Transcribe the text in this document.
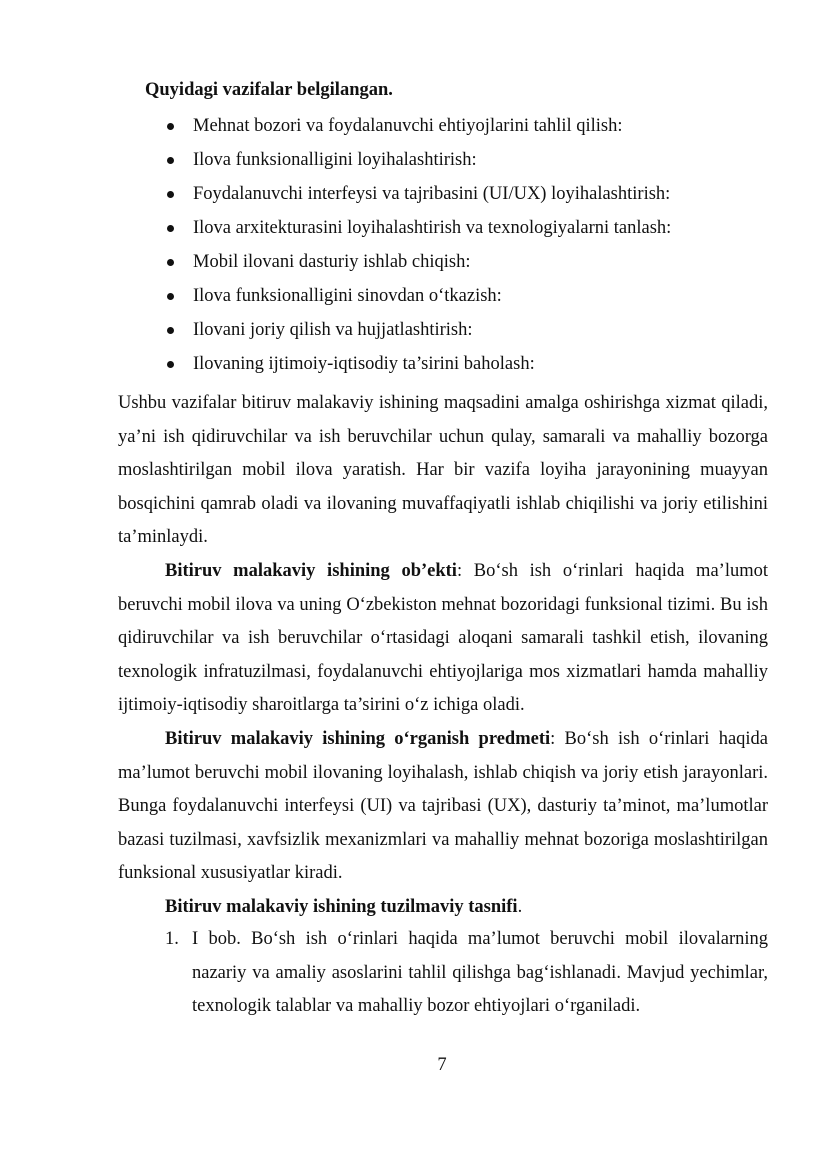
Quyidagi vazifalar belgilangan.
Mehnat bozori va foydalanuvchi ehtiyojlarini tahlil qilish:
Ilova funksionalligini loyihalashtirish:
Foydalanuvchi interfeysi va tajribasini (UI/UX) loyihalashtirish:
Ilova arxitekturasini loyihalashtirish va texnologiyalarni tanlash:
Mobil ilovani dasturiy ishlab chiqish:
Ilova funksionalligini sinovdan o‘tkazish:
Ilovani joriy qilish va hujjatlashtirish:
Ilovaning ijtimoiy-iqtisodiy ta’sirini baholash:

Ushbu vazifalar bitiruv malakaviy ishining maqsadini amalga oshirishga xizmat qiladi, ya’ni ish qidiruvchilar va ish beruvchilar uchun qulay, samarali va mahalliy bozorga moslashtirilgan mobil ilova yaratish. Har bir vazifa loyiha jarayonining muayyan bosqichini qamrab oladi va ilovaning muvaffaqiyatli ishlab chiqilishi va joriy etilishini ta’minlaydi.

Bitiruv malakaviy ishining ob’ekti: Bo‘sh ish o‘rinlari haqida ma’lumot beruvchi mobil ilova va uning O‘zbekiston mehnat bozoridagi funksional tizimi. Bu ish qidiruvchilar va ish beruvchilar o‘rtasidagi aloqani samarali tashkil etish, ilovaning texnologik infratuzilmasi, foydalanuvchi ehtiyojlariga mos xizmatlari hamda mahalliy ijtimoiy-iqtisodiy sharoitlarga ta’sirini o‘z ichiga oladi.

Bitiruv malakaviy ishining o‘rganish predmeti: Bo‘sh ish o‘rinlari haqida ma’lumot beruvchi mobil ilovaning loyihalash, ishlab chiqish va joriy etish jarayonlari. Bunga foydalanuvchi interfeysi (UI) va tajribasi (UX), dasturiy ta’minot, ma’lumotlar bazasi tuzilmasi, xavfsizlik mexanizmlari va mahalliy mehnat bozoriga moslashtirilgan funksional xususiyatlar kiradi.

Bitiruv malakaviy ishining tuzilmaviy tasnifi.

1. I bob. Bo‘sh ish o‘rinlari haqida ma’lumot beruvchi mobil ilovalarning nazariy va amaliy asoslarini tahlil qilishga bag‘ishlanadi. Mavjud yechimlar, texnologik talablar va mahalliy bozor ehtiyojlari o‘rganiladi.
7
